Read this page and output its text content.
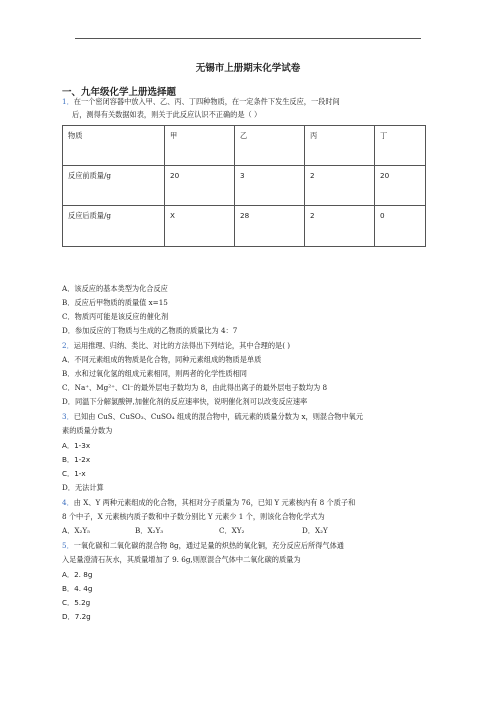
无锡市上册期末化学试卷
一、九年级化学上册选择题
1．在一个密闭容器中放入甲、乙、丙、丁四种物质，在一定条件下发生反应，一段时间
后，测得有关数据如表，则关于此反应认识不正确的是（ ）
物质	甲	乙	丙	丁
反应前质量/g	20	3	2	20
反应后质量/g	X	28	2	0
A．该反应的基本类型为化合反应
B．反应后甲物质的质量值 x=15
C．物质丙可能是该反应的催化剂
D．参加反应的丁物质与生成的乙物质的质量比为 4：7
2．运用推理、归纳、类比、对比的方法得出下列结论，其中合理的是( )
A．不同元素组成的物质是化合物，同种元素组成的物质是单质
B．水和过氧化氢的组成元素相同，则两者的化学性质相同
C．Na⁺、Mg²⁺、Cl⁻的最外层电子数均为 8，由此得出离子的最外层电子数均为 8
D．同温下分解氯酸钾,加催化剂的反应速率快，说明催化剂可以改变反应速率
3．已知由 CuS、CuSO₃、CuSO₄ 组成的混合物中，硫元素的质量分数为 x，则混合物中氧元
素的质量分数为
A．1-3x
B．1-2x
C．1-x
D．无法计算
4．由 X、Y 两种元素组成的化合物，其相对分子质量为 76，已知 Y 元素核内有 8 个质子和
8 个中子，X 元素核内质子数和中子数分别比 Y 元素少 1 个，则该化合物化学式为
A．X₂Y₅	B．X₂Y₃	C．XY₂	D．X₂Y
5．一氧化碳和二氧化碳的混合物 8g，通过足量的炽热的氧化铜，充分反应后所得气体通
入足量澄清石灰水，其质量增加了 9. 6g,则原混合气体中二氧化碳的质量为
A．2. 8g
B．4. 4g
C．5.2g
D．7.2g
